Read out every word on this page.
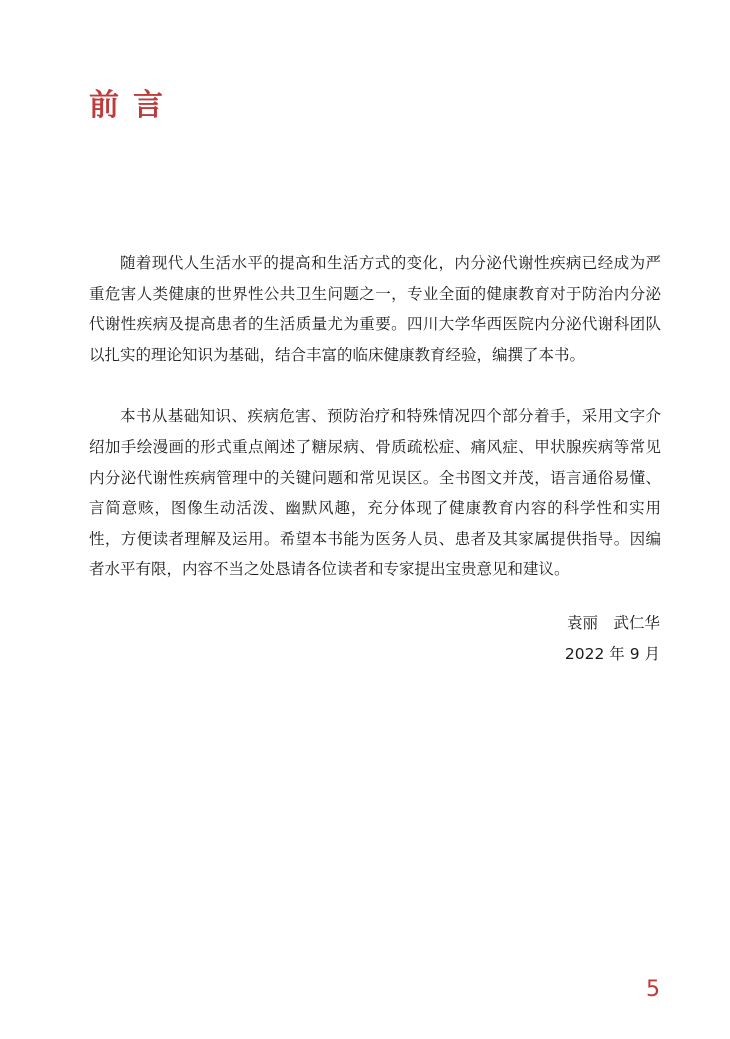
前言

随着现代人生活水平的提高和生活方式的变化，内分泌代谢性疾病已经成为严重危害人类健康的世界性公共卫生问题之一，专业全面的健康教育对于防治内分泌代谢性疾病及提高患者的生活质量尤为重要。四川大学华西医院内分泌代谢科团队以扎实的理论知识为基础，结合丰富的临床健康教育经验，编撰了本书。

本书从基础知识、疾病危害、预防治疗和特殊情况四个部分着手，采用文字介绍加手绘漫画的形式重点阐述了糖尿病、骨质疏松症、痛风症、甲状腺疾病等常见内分泌代谢性疾病管理中的关键问题和常见误区。全书图文并茂，语言通俗易懂、言简意赅，图像生动活泼、幽默风趣，充分体现了健康教育内容的科学性和实用性，方便读者理解及运用。希望本书能为医务人员、患者及其家属提供指导。因编者水平有限，内容不当之处恳请各位读者和专家提出宝贵意见和建议。

袁丽　武仁华
2022 年 9 月
5
